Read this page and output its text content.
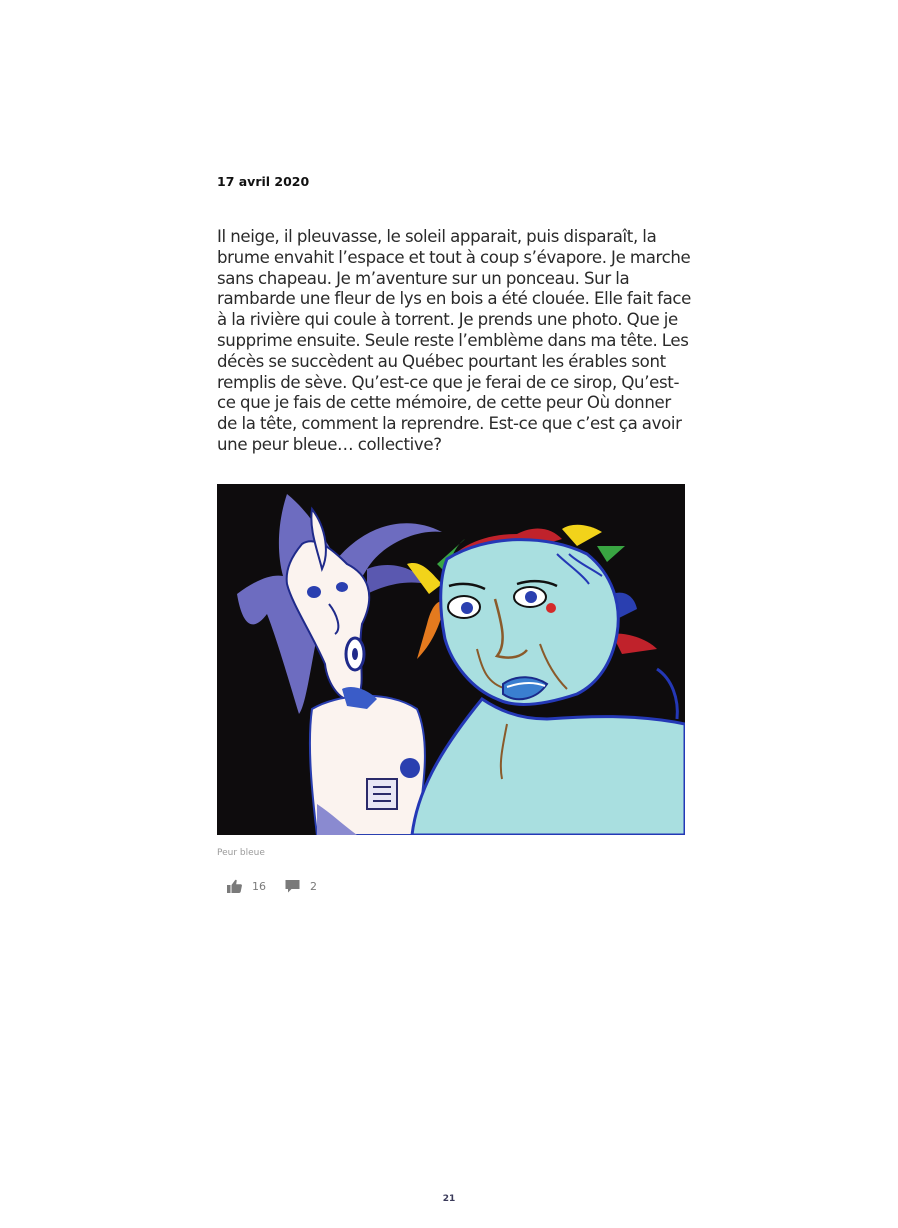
17 avril 2020

Il neige, il pleuvasse, le soleil apparait, puis disparaît, la brume envahit l’espace et tout à coup s’évapore. Je marche sans chapeau. Je m’aventure sur un ponceau. Sur la rambarde une fleur de lys en bois a été clouée. Elle fait face à la rivière qui coule à torrent. Je prends une photo. Que je supprime ensuite. Seule reste l’emblème dans ma tête. Les décès se succèdent au Québec pourtant les érables sont remplis de sève. Qu’est-ce que je ferai de ce sirop, Qu’est-ce que je fais de cette mémoire, de cette peur Où donner de la tête, comment la reprendre. Est-ce que c’est ça avoir une peur bleue… collective?

Peur bleue
16	2
21
